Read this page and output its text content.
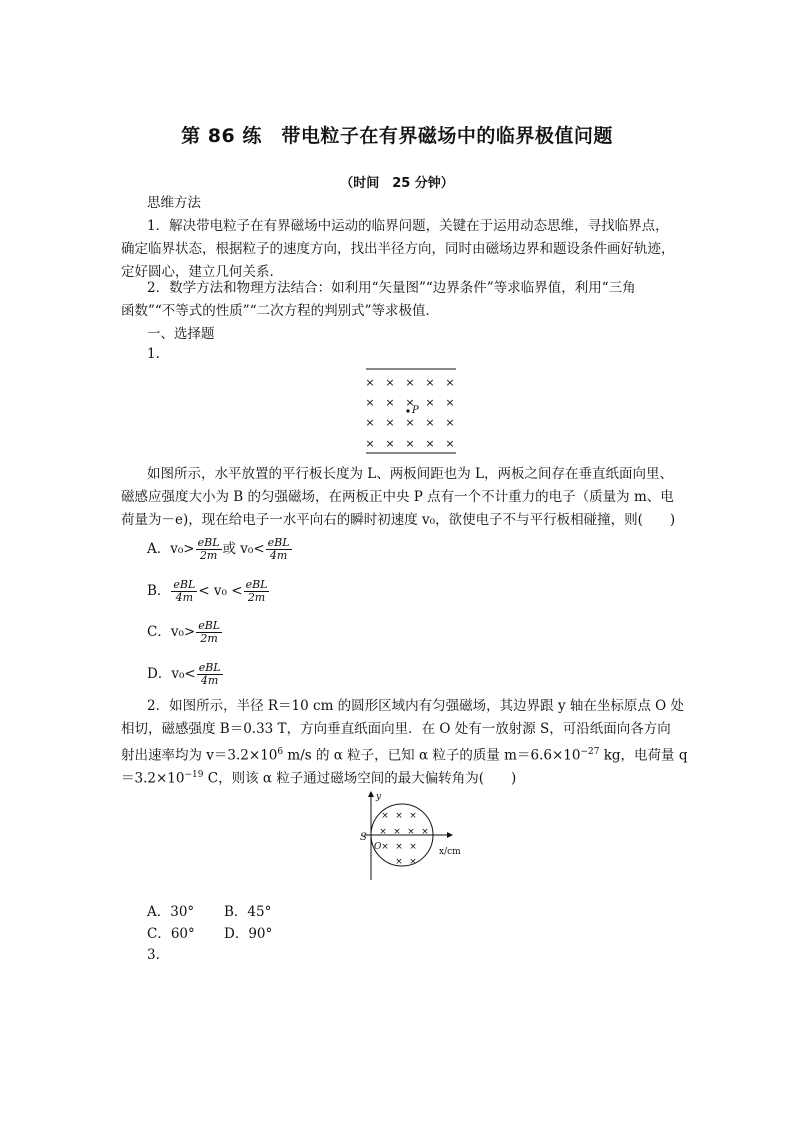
第 86 练　带电粒子在有界磁场中的临界极值问题
（时间　25 分钟）
思维方法
1．解决带电粒子在有界磁场中运动的临界问题，关键在于运用动态思维，寻找临界点，
确定临界状态，根据粒子的速度方向，找出半径方向，同时由磁场边界和题设条件画好轨迹，
定好圆心，建立几何关系．
2．数学方法和物理方法结合：如利用“矢量图”“边界条件”等求临界值，利用“三角
函数”“不等式的性质”“二次方程的判别式”等求极值．
一、选择题
1.
× × × × ×
× × × × ×
× × × × ×
× × × × ×
P
如图所示，水平放置的平行板长度为 L、两板间距也为 L，两板之间存在垂直纸面向里、
磁感应强度大小为 B 的匀强磁场，在两板正中央 P 点有一个不计重力的电子（质量为 m、电
荷量为－e)，现在给电子一水平向右的瞬时初速度 v₀，欲使电子不与平行板相碰撞，则(　　)
A．$v_0> \frac{\text{eBL}}{2m}$ 或 $v_0< \frac{\text{eBL}}{4m}$
B． $\frac{\text{eBL}}{4m} < v_0 < \frac{\text{eBL}}{2m}$
C．$v_0> \frac{\text{eBL}}{2m}$
D．$v_0< \frac{\text{eBL}}{4m}$
2．如图所示，半径 R＝10 cm 的圆形区域内有匀强磁场，其边界跟 y 轴在坐标原点 O 处
相切，磁感强度 B＝0.33 T，方向垂直纸面向里．在 O 处有一放射源 S，可沿纸面向各方向
射出速率均为 $v=3.2\times 10^6$ m/s 的 α 粒子，已知 α 粒子的质量 $m=6.6\times 10^{-27}$ kg，电荷量 q
$=3.2\times 10^{-19}$ C，则该 α 粒子通过磁场空间的最大偏转角为(　　)
y
x/cm
S
O
× × ×
× × × ×
× × ×
× ×
A．30° B．45°
C．60° D．90°
3.
